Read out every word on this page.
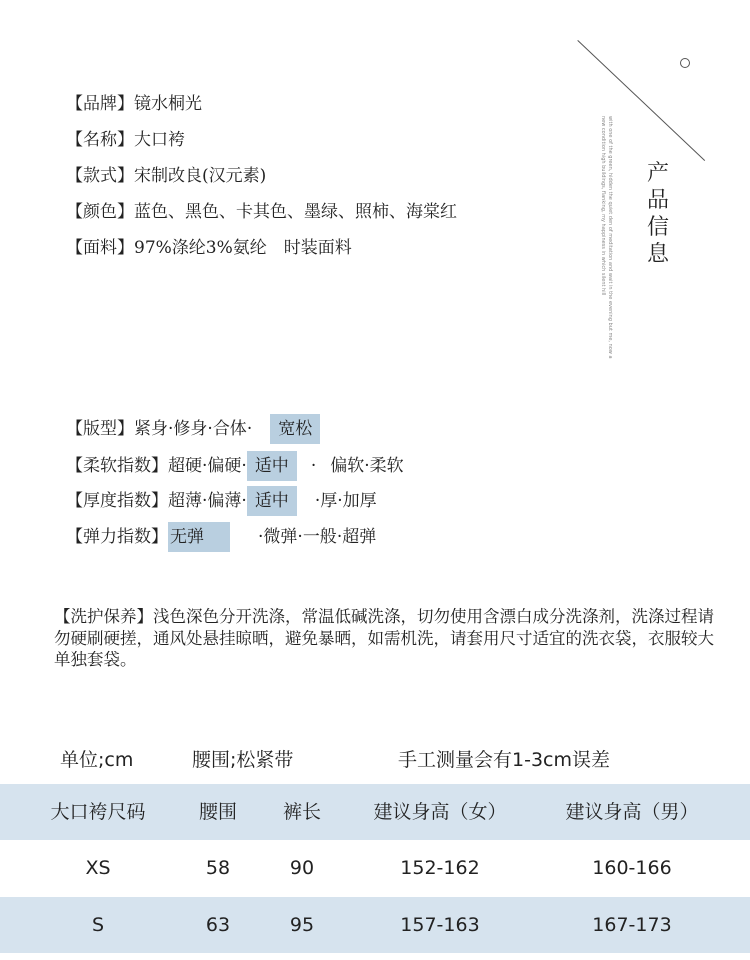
【品牌】镜水桐光
【名称】大口袴
【款式】宋制改良(汉元素)
【颜色】蓝色、黑色、卡其色、墨绿、照柿、海棠红
【面料】97%涤纶3%氨纶　时装面料	with one of the green, hidden the quiet den of meditation and wait in the evening but me, now a new condition high buildings, flanking, my happiness in which silent hill	产
品
信
息
【版型】紧身·修身·合体· 宽松
【柔软指数】超硬·偏硬· 适中 · 偏软·柔软
【厚度指数】超薄·偏薄· 适中 ·厚·加厚
【弹力指数】 无弹	·微弹·一般·超弹
【洗护保养】浅色深色分开洗涤，常温低碱洗涤，切勿使用含漂白成分洗涤剂，洗涤过程请勿硬刷硬搓，通风处悬挂晾晒，避免暴晒，如需机洗，请套用尺寸适宜的洗衣袋，衣服较大单独套袋。
单位;cm	腰围;松紧带	手工测量会有1-3cm误差
大口袴尺码	腰围	裤长	建议身高（女）	建议身高（男）
XS	58	90	152-162	160-166
S	63	95	157-163	167-173
